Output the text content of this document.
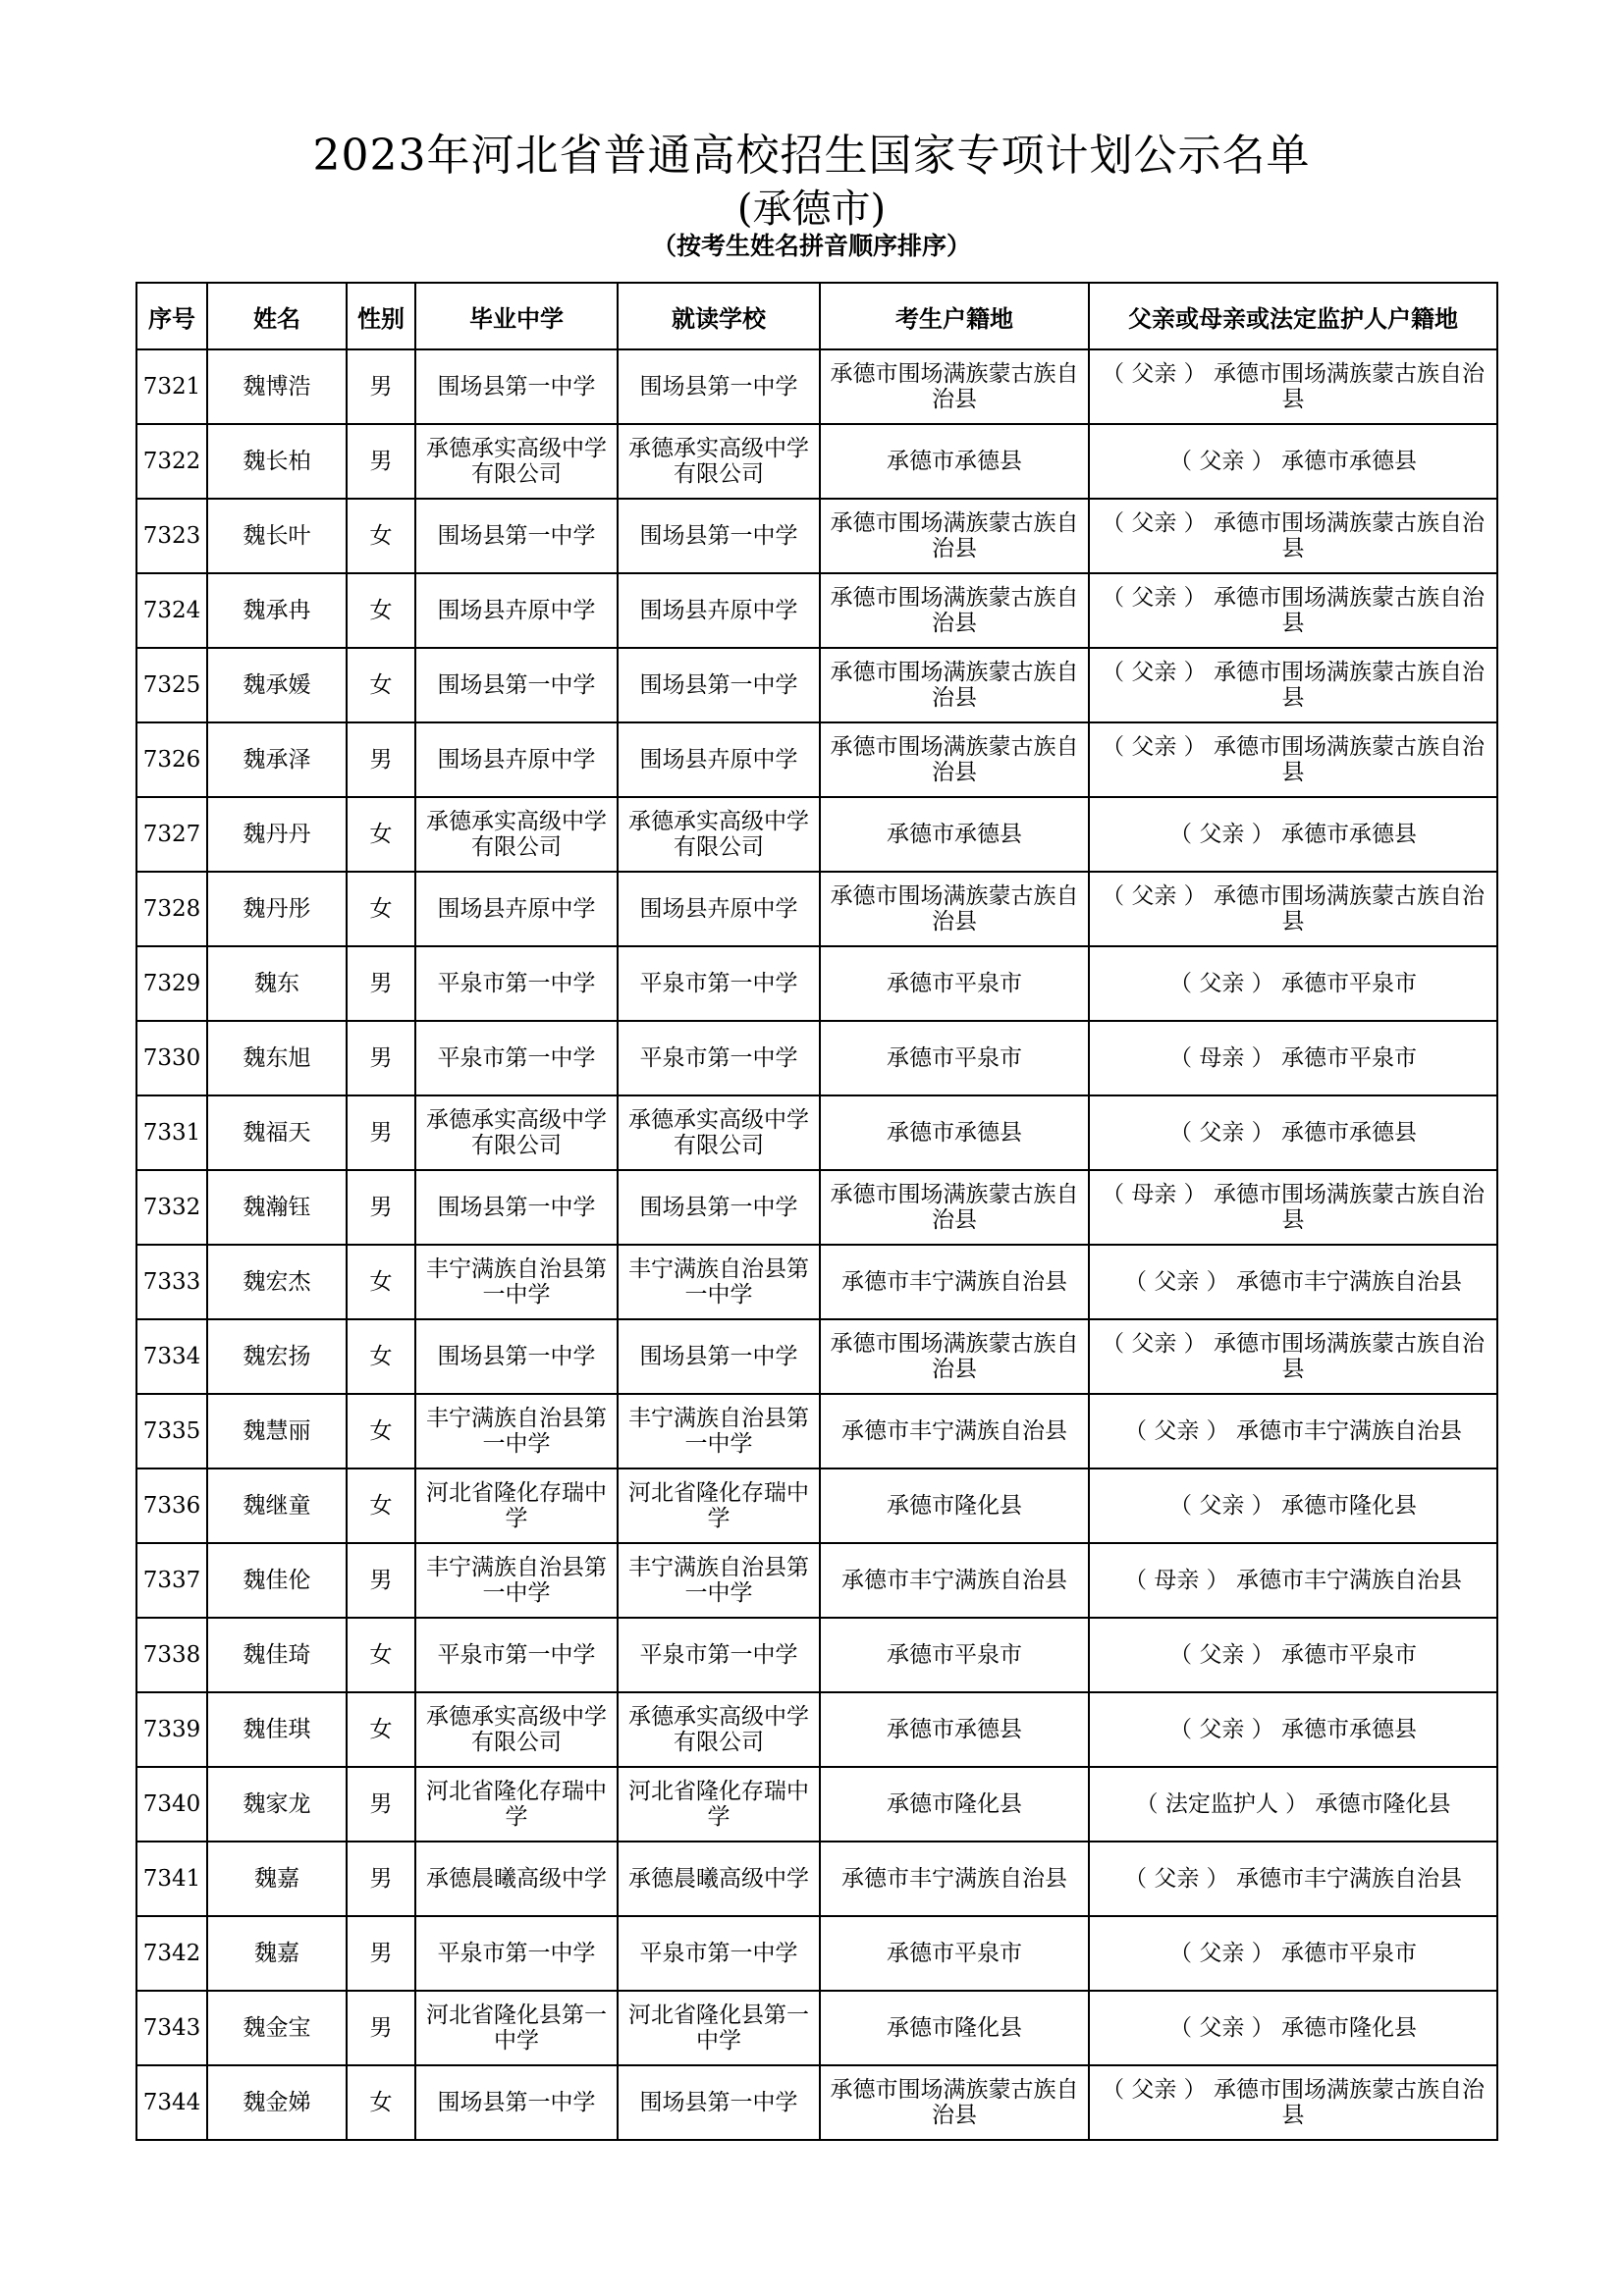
2023年河北省普通高校招生国家专项计划公示名单
(承德市)
（按考生姓名拼音顺序排序）
序号	姓名	性别	毕业中学	就读学校	考生户籍地	父亲或母亲或法定监护人户籍地
7321	魏博浩	男	围场县第一中学	围场县第一中学	承德市围场满族蒙古族自治县	（ 父亲 ） 承德市围场满族蒙古族自治县
7322	魏长柏	男	承德承实高级中学有限公司	承德承实高级中学有限公司	承德市承德县	（ 父亲 ） 承德市承德县
7323	魏长叶	女	围场县第一中学	围场县第一中学	承德市围场满族蒙古族自治县	（ 父亲 ） 承德市围场满族蒙古族自治县
7324	魏承冉	女	围场县卉原中学	围场县卉原中学	承德市围场满族蒙古族自治县	（ 父亲 ） 承德市围场满族蒙古族自治县
7325	魏承媛	女	围场县第一中学	围场县第一中学	承德市围场满族蒙古族自治县	（ 父亲 ） 承德市围场满族蒙古族自治县
7326	魏承泽	男	围场县卉原中学	围场县卉原中学	承德市围场满族蒙古族自治县	（ 父亲 ） 承德市围场满族蒙古族自治县
7327	魏丹丹	女	承德承实高级中学有限公司	承德承实高级中学有限公司	承德市承德县	（ 父亲 ） 承德市承德县
7328	魏丹彤	女	围场县卉原中学	围场县卉原中学	承德市围场满族蒙古族自治县	（ 父亲 ） 承德市围场满族蒙古族自治县
7329	魏东	男	平泉市第一中学	平泉市第一中学	承德市平泉市	（ 父亲 ） 承德市平泉市
7330	魏东旭	男	平泉市第一中学	平泉市第一中学	承德市平泉市	（ 母亲 ） 承德市平泉市
7331	魏福天	男	承德承实高级中学有限公司	承德承实高级中学有限公司	承德市承德县	（ 父亲 ） 承德市承德县
7332	魏瀚钰	男	围场县第一中学	围场县第一中学	承德市围场满族蒙古族自治县	（ 母亲 ） 承德市围场满族蒙古族自治县
7333	魏宏杰	女	丰宁满族自治县第一中学	丰宁满族自治县第一中学	承德市丰宁满族自治县	（ 父亲 ） 承德市丰宁满族自治县
7334	魏宏扬	女	围场县第一中学	围场县第一中学	承德市围场满族蒙古族自治县	（ 父亲 ） 承德市围场满族蒙古族自治县
7335	魏慧丽	女	丰宁满族自治县第一中学	丰宁满族自治县第一中学	承德市丰宁满族自治县	（ 父亲 ） 承德市丰宁满族自治县
7336	魏继童	女	河北省隆化存瑞中学	河北省隆化存瑞中学	承德市隆化县	（ 父亲 ） 承德市隆化县
7337	魏佳伦	男	丰宁满族自治县第一中学	丰宁满族自治县第一中学	承德市丰宁满族自治县	（ 母亲 ） 承德市丰宁满族自治县
7338	魏佳琦	女	平泉市第一中学	平泉市第一中学	承德市平泉市	（ 父亲 ） 承德市平泉市
7339	魏佳琪	女	承德承实高级中学有限公司	承德承实高级中学有限公司	承德市承德县	（ 父亲 ） 承德市承德县
7340	魏家龙	男	河北省隆化存瑞中学	河北省隆化存瑞中学	承德市隆化县	（ 法定监护人 ） 承德市隆化县
7341	魏嘉	男	承德晨曦高级中学	承德晨曦高级中学	承德市丰宁满族自治县	（ 父亲 ） 承德市丰宁满族自治县
7342	魏嘉	男	平泉市第一中学	平泉市第一中学	承德市平泉市	（ 父亲 ） 承德市平泉市
7343	魏金宝	男	河北省隆化县第一中学	河北省隆化县第一中学	承德市隆化县	（ 父亲 ） 承德市隆化县
7344	魏金娣	女	围场县第一中学	围场县第一中学	承德市围场满族蒙古族自治县	（ 父亲 ） 承德市围场满族蒙古族自治县
